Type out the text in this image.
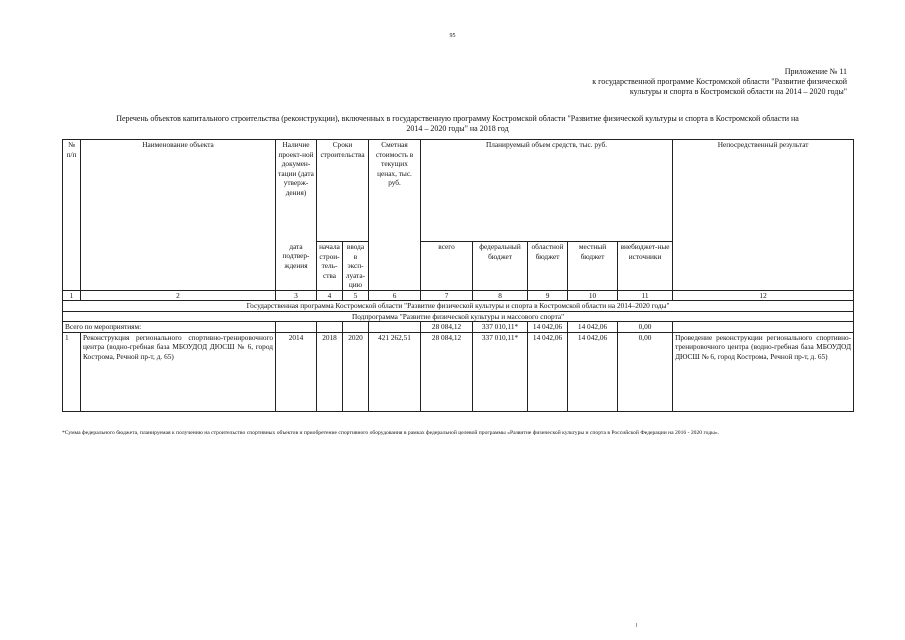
95
Приложение № 11
к государственной программе Костромской области "Развитие физической
культуры и спорта в Костромской области на 2014 – 2020 годы"
Перечень объектов капитального строительства (реконструкции), включенных в государственную программу Костромской области "Развитие физической культуры и спорта в Костромской области на
2014 – 2020 годы" на 2018 год
№ п/п	Наименование объекта	Наличие проект-ной докумен-тации (дата утверж-дения)	Сроки строительства		Сметная стоимость в текущих ценах, тыс. руб.	Планируемый объем средств, тыс. руб.					Непосредственный результат
		дата подтвер-ждения	начала строи-тель-ства	ввода в эксп-луата-цию		всего	федеральный бюджет	областной бюджет	местный бюджет	внебюджет-ные источники	
1	2	3	4	5	6	7	8	9	10	11	12
Государственная программа Костромской области "Развитие физической культуры и спорта в Костромской области на 2014–2020 годы"											
Подпрограмма "Развитие физической культуры и массового спорта"											
Всего по мероприятиям:						28 084,12	337 010,11*	14 042,06	14 042,06	0,00	
1	Реконструкция регионального спортивно-тренировочного центра (водно-гребная база МБОУДОД ДЮСШ № 6, город Кострома, Речной пр-т, д. 65)	2014	2018	2020	421 262,51	28 084,12	337 010,11*	14 042,06	14 042,06	0,00	Проведение реконструкции регионального спортивно-тренировочного центра (водно-гребная база МБОУДОД ДЮСШ № 6, город Кострома, Речной пр-т, д. 65)
*Сумма федерального бюджета, планируемая к получению на строительство спортивных объектов и приобретение спортивного оборудования в рамках федеральной целевой программы «Развитие физической культуры и спорта в Российской Федерации на 2016 - 2020 годы».
